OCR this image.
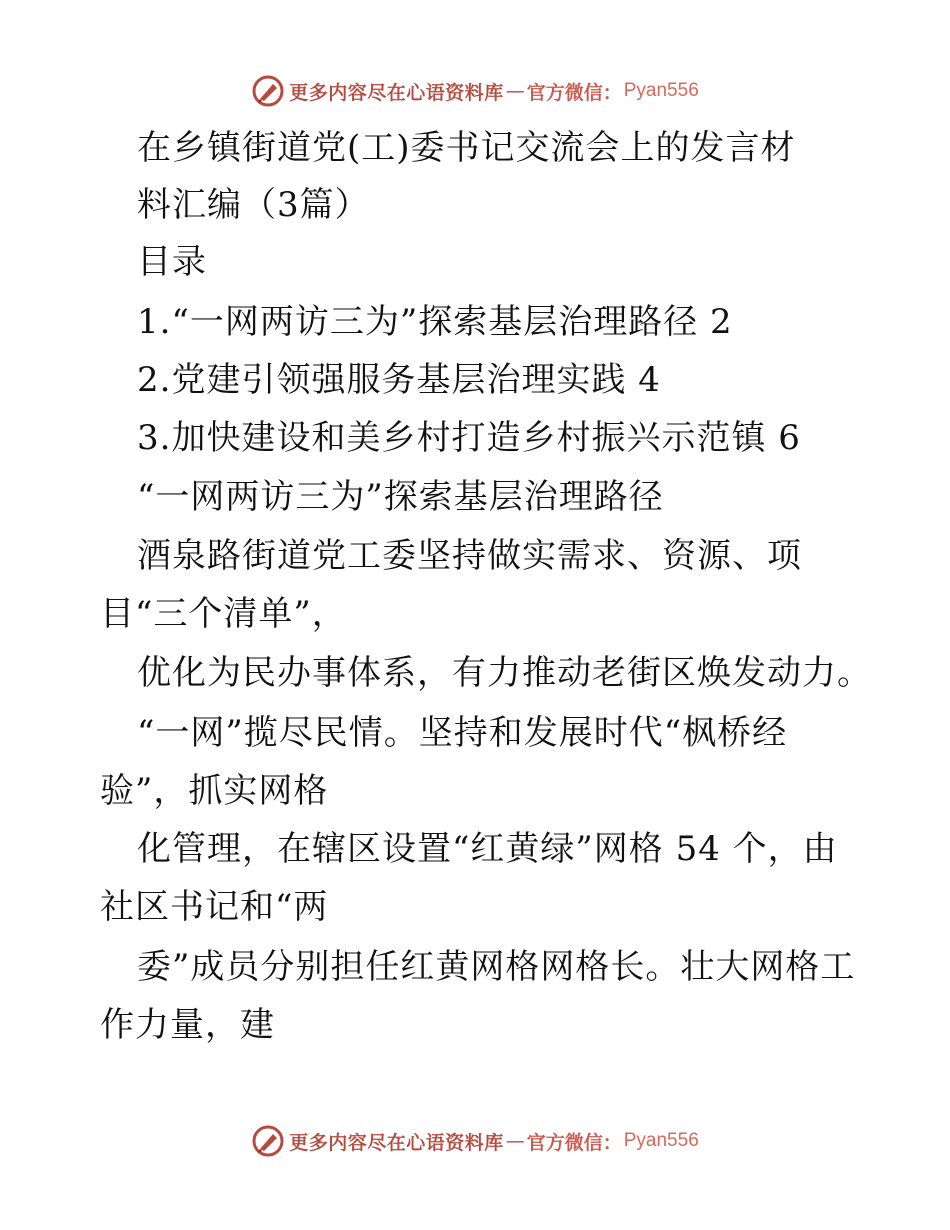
更多内容尽在心语资料库 — 官方微信： Pyan556
在乡镇街道党(工)委书记交流会上的发言材
料汇编（3篇）
目录
1.“一网两访三为”探索基层治理路径 2
2.党建引领强服务基层治理实践 4
3.加快建设和美乡村打造乡村振兴示范镇 6
“一网两访三为”探索基层治理路径
酒泉路街道党工委坚持做实需求、资源、项
目“三个清单”，
优化为民办事体系，有力推动老街区焕发动力。
“一网”揽尽民情。坚持和发展时代“枫桥经
验”，抓实网格
化管理，在辖区设置“红黄绿”网格 54 个，由
社区书记和“两
委”成员分别担任红黄网格网格长。壮大网格工
作力量，建
更多内容尽在心语资料库 — 官方微信： Pyan556
